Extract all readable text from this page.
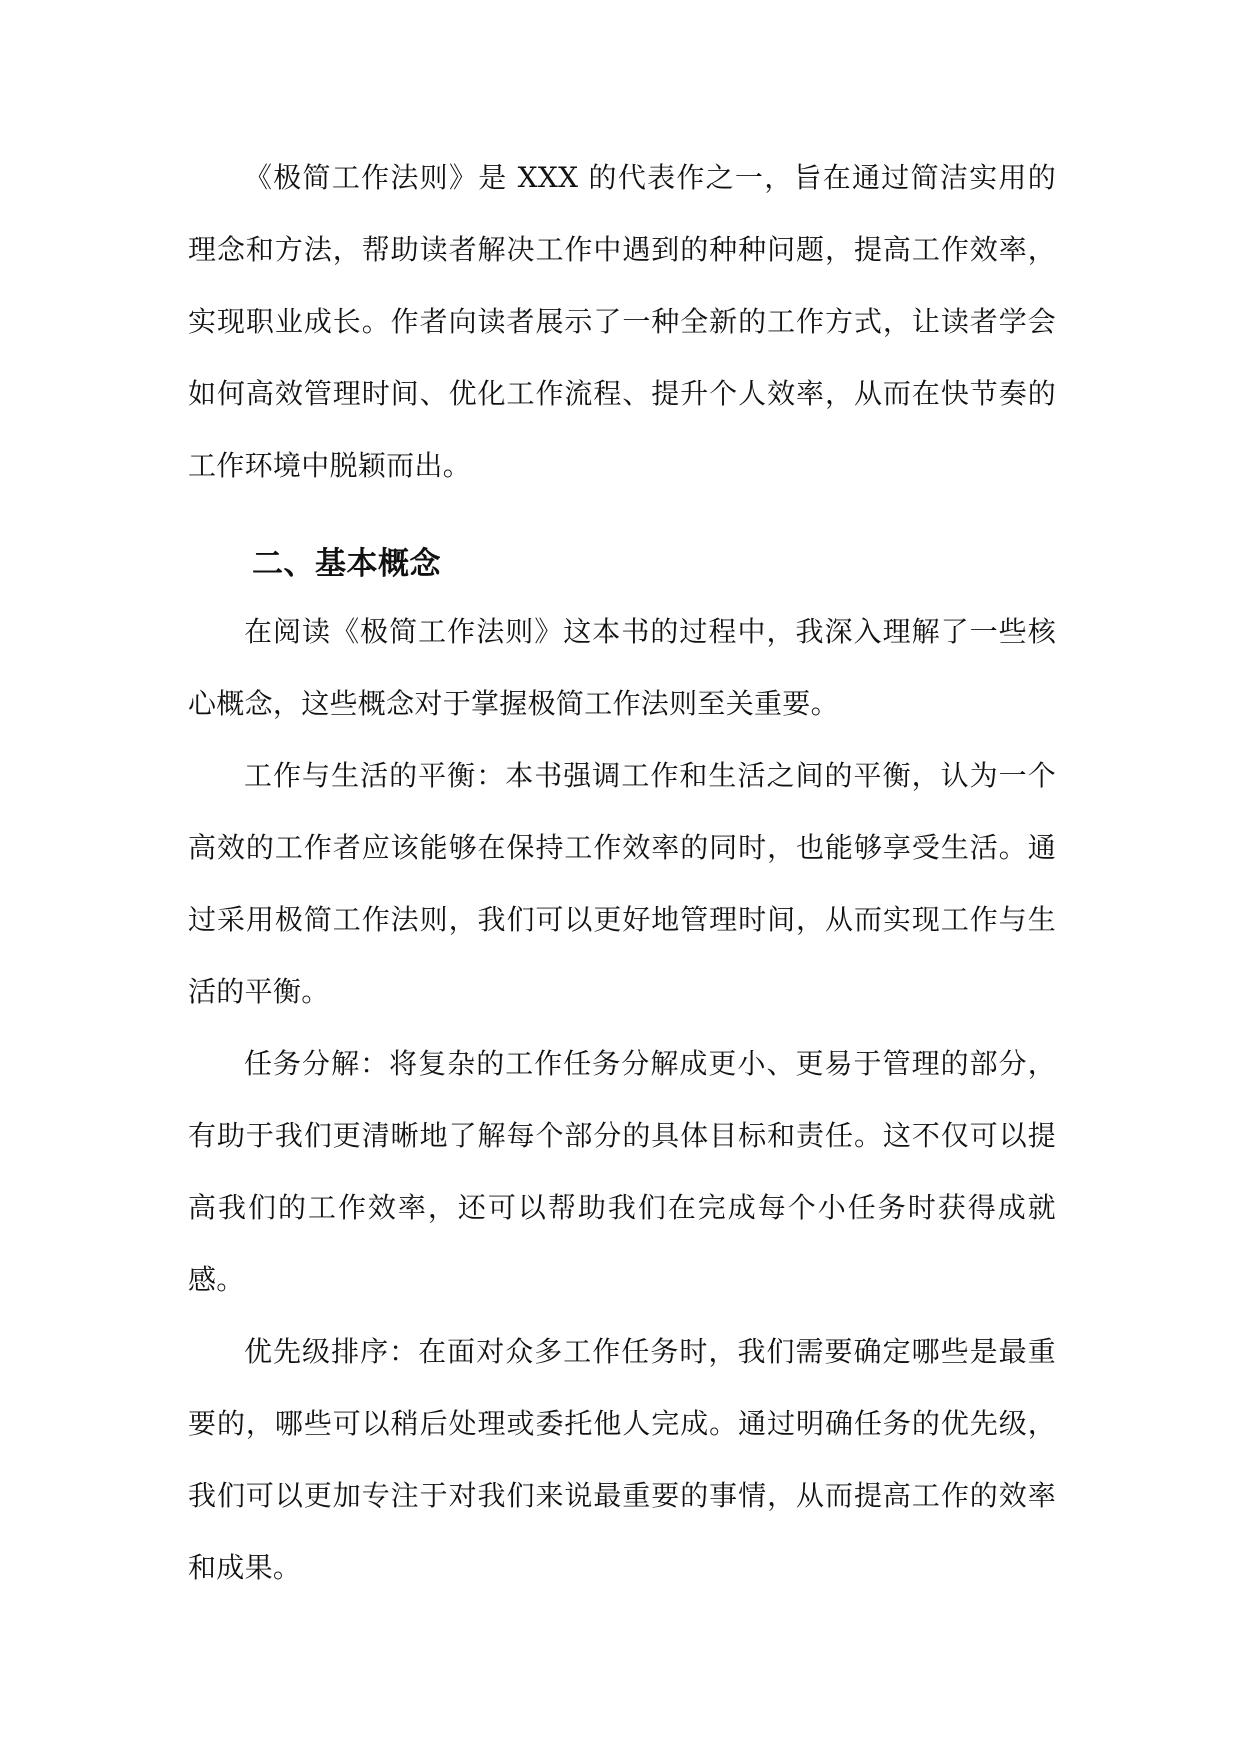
《极简工作法则》是 XXX 的代表作之一，旨在通过简洁实用的理念和方法，帮助读者解决工作中遇到的种种问题，提高工作效率，实现职业成长。作者向读者展示了一种全新的工作方式，让读者学会如何高效管理时间、优化工作流程、提升个人效率，从而在快节奏的工作环境中脱颖而出。

二、基本概念

在阅读《极简工作法则》这本书的过程中，我深入理解了一些核心概念，这些概念对于掌握极简工作法则至关重要。

工作与生活的平衡：本书强调工作和生活之间的平衡，认为一个高效的工作者应该能够在保持工作效率的同时，也能够享受生活。通过采用极简工作法则，我们可以更好地管理时间，从而实现工作与生活的平衡。

任务分解：将复杂的工作任务分解成更小、更易于管理的部分，有助于我们更清晰地了解每个部分的具体目标和责任。这不仅可以提高我们的工作效率，还可以帮助我们在完成每个小任务时获得成就感。

优先级排序：在面对众多工作任务时，我们需要确定哪些是最重要的，哪些可以稍后处理或委托他人完成。通过明确任务的优先级，我们可以更加专注于对我们来说最重要的事情，从而提高工作的效率和成果。
